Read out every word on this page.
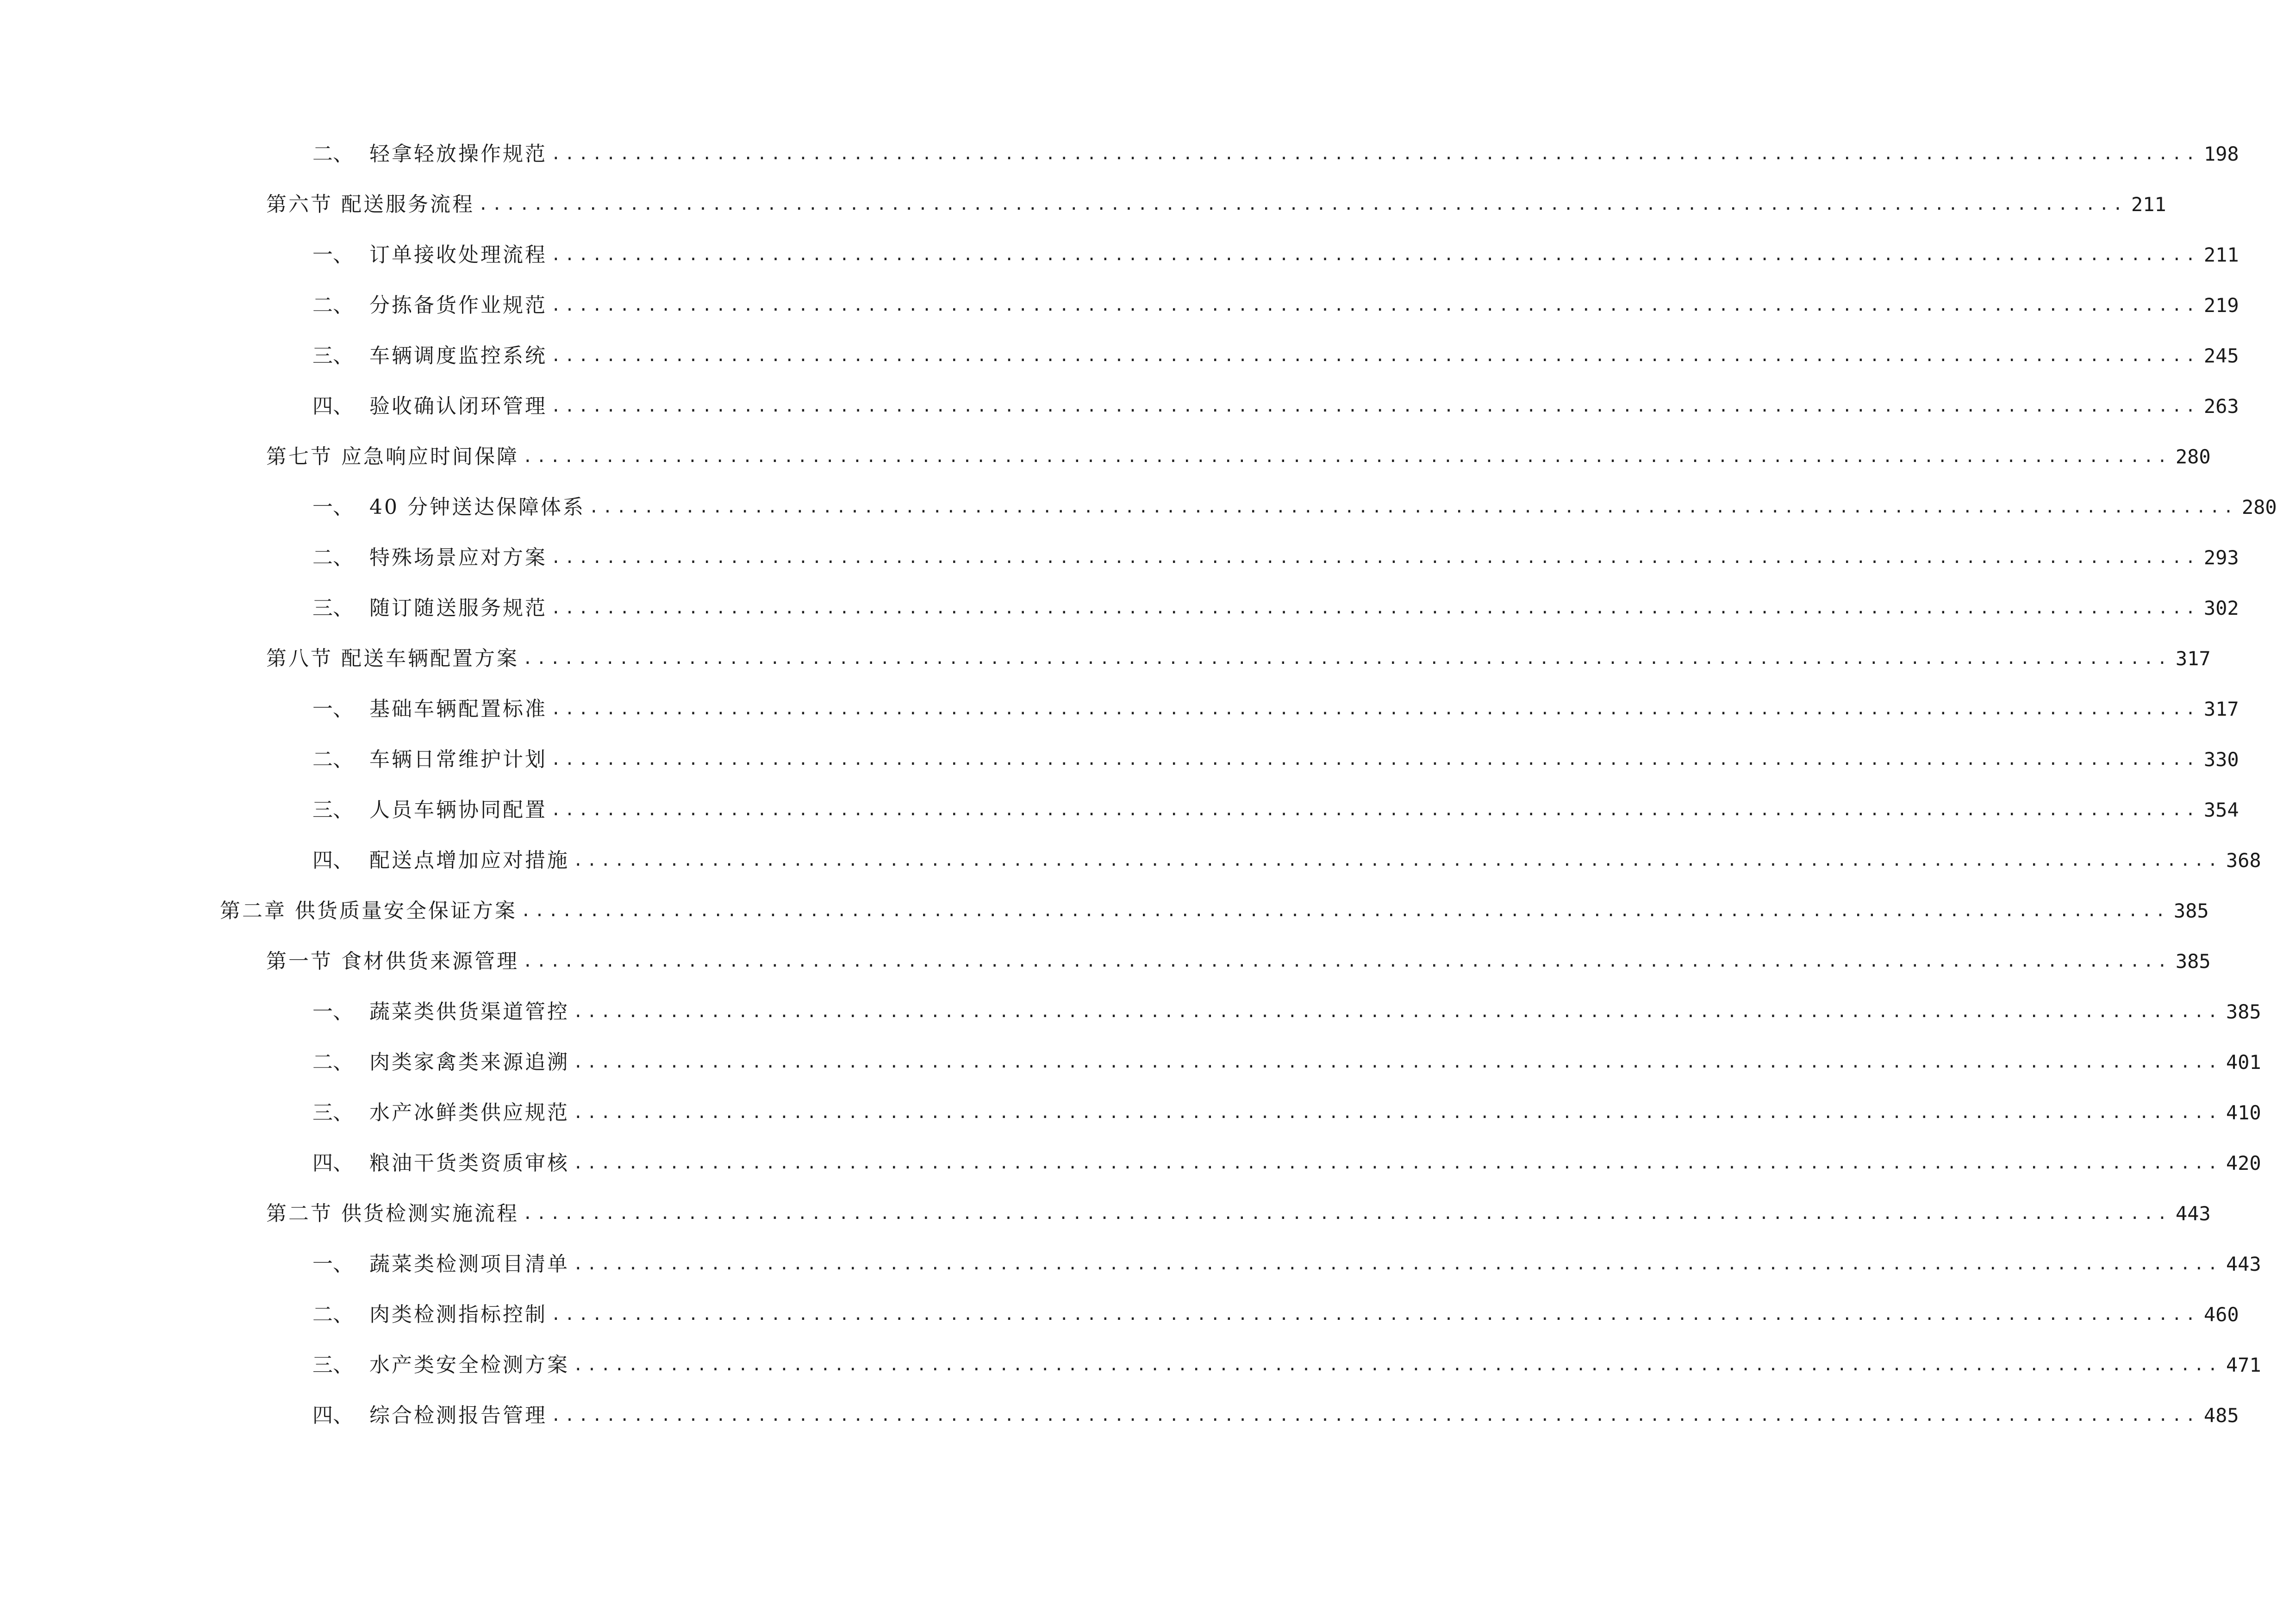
二、 轻拿轻放操作规范 ........................................................................................................................ 198
第六节 配送服务流程 ........................................................................................................................ 211
一、 订单接收处理流程 ........................................................................................................................ 211
二、 分拣备货作业规范 ........................................................................................................................ 219
三、 车辆调度监控系统 ........................................................................................................................ 245
四、 验收确认闭环管理 ........................................................................................................................ 263
第七节 应急响应时间保障 ........................................................................................................................ 280
一、 40 分钟送达保障体系 ........................................................................................................................ 280
二、 特殊场景应对方案 ........................................................................................................................ 293
三、 随订随送服务规范 ........................................................................................................................ 302
第八节 配送车辆配置方案 ........................................................................................................................ 317
一、 基础车辆配置标准 ........................................................................................................................ 317
二、 车辆日常维护计划 ........................................................................................................................ 330
三、 人员车辆协同配置 ........................................................................................................................ 354
四、 配送点增加应对措施 ........................................................................................................................ 368
第二章 供货质量安全保证方案 ........................................................................................................................ 385
第一节 食材供货来源管理 ........................................................................................................................ 385
一、 蔬菜类供货渠道管控 ........................................................................................................................ 385
二、 肉类家禽类来源追溯 ........................................................................................................................ 401
三、 水产冰鲜类供应规范 ........................................................................................................................ 410
四、 粮油干货类资质审核 ........................................................................................................................ 420
第二节 供货检测实施流程 ........................................................................................................................ 443
一、 蔬菜类检测项目清单 ........................................................................................................................ 443
二、 肉类检测指标控制 ........................................................................................................................ 460
三、 水产类安全检测方案 ........................................................................................................................ 471
四、 综合检测报告管理 ........................................................................................................................ 485
